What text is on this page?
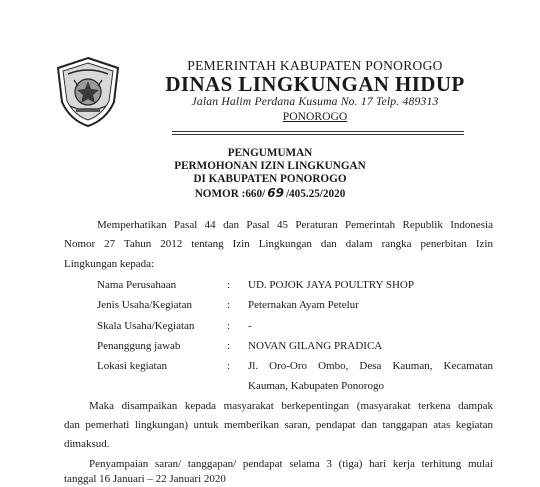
PEMERINTAH KABUPATEN PONOROGO
DINAS LINGKUNGAN HIDUP
Jalan Halim Perdana Kusuma No. 17 Telp. 489313
PONOROGO
PENGUMUMAN
PERMOHONAN IZIN LINGKUNGAN
DI KABUPATEN PONOROGO
NOMOR :660/ 69 /405.25/2020
Memperhatikan Pasal 44 dan Pasal 45 Peraturan Pemerintah Republik Indonesia
Nomor 27 Tahun 2012 tentang Izin Lingkungan dan dalam rangka penerbitan Izin
Lingkungan kepada:
Nama Perusahaan	: UD. POJOK JAYA POULTRY SHOP
Jenis Usaha/Kegiatan	: Peternakan Ayam Petelur
Skala Usaha/Kegiatan	: -
Penanggung jawab	: NOVAN GILANG PRADICA
Lokasi kegiatan	: Jl. Oro-Oro Ombo, Desa Kauman, Kecamatan
Kauman, Kabupaten Ponorogo
Maka disampaikan kepada masyarakat berkepentingan (masyarakat terkena dampak
dan pemerhati lingkungan) untuk memberikan saran, pendapat dan tanggapan atas kegiatan
dimaksud.
Penyampaian saran/ tanggapan/ pendapat selama 3 (tiga) hari kerja terhitung mulai
tanggal 16 Januari – 22 Januari 2020
